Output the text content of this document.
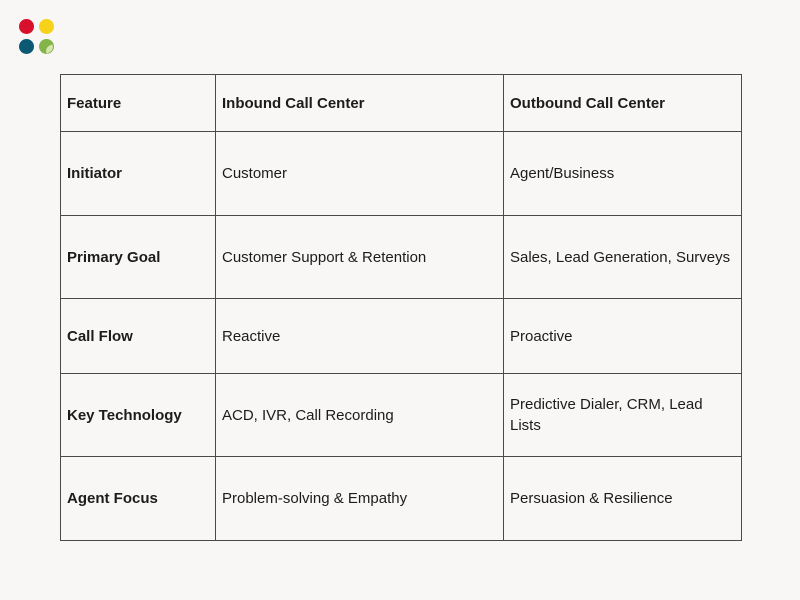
Feature	Inbound Call Center	Outbound Call Center
Initiator	Customer	Agent/Business
Primary Goal	Customer Support & Retention	Sales, Lead Generation, Surveys
Call Flow	Reactive	Proactive
Key Technology	ACD, IVR, Call Recording	Predictive Dialer, CRM, Lead Lists
Agent Focus	Problem-solving & Empathy	Persuasion & Resilience
